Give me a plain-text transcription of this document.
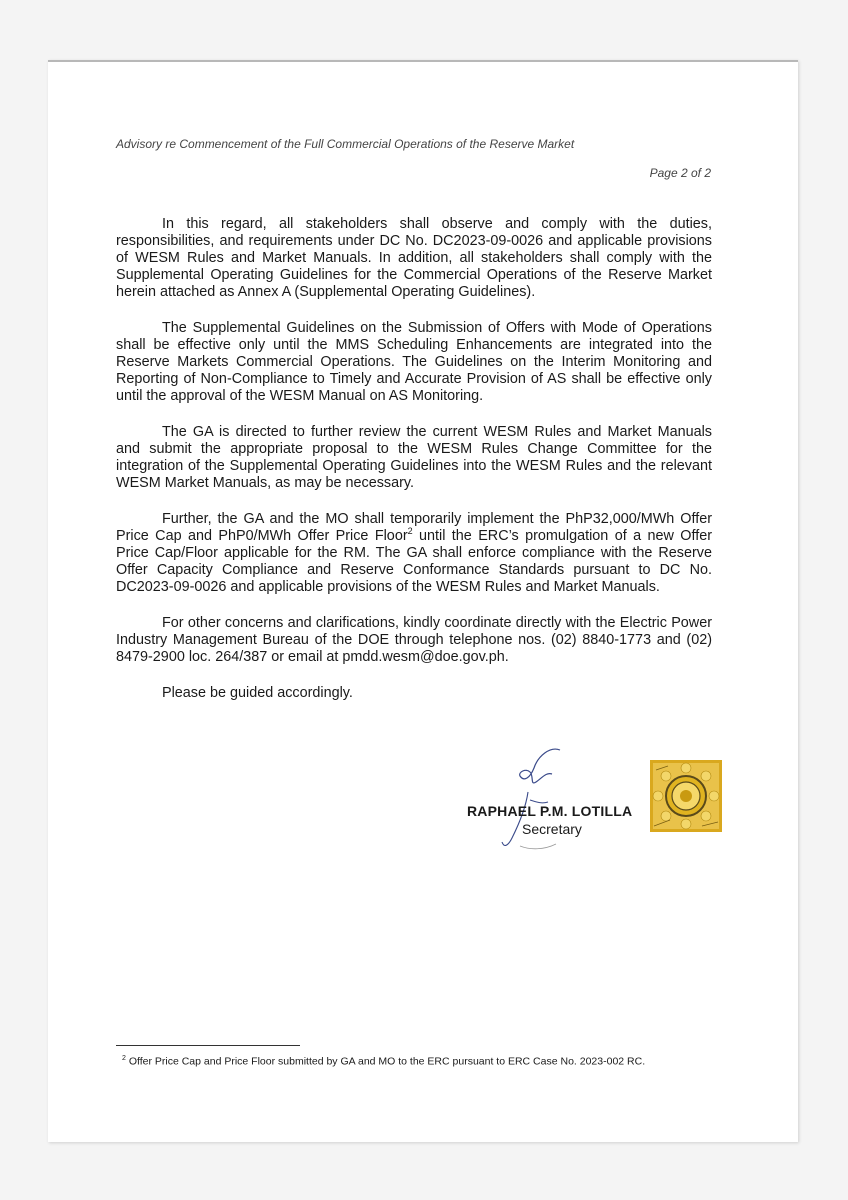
Advisory re Commencement of the Full Commercial Operations of the Reserve Market
Page 2 of 2

In this regard, all stakeholders shall observe and comply with the duties, responsibilities, and requirements under DC No. DC2023-09-0026 and applicable provisions of WESM Rules and Market Manuals. In addition, all stakeholders shall comply with the Supplemental Operating Guidelines for the Commercial Operations of the Reserve Market herein attached as Annex A (Supplemental Operating Guidelines).

The Supplemental Guidelines on the Submission of Offers with Mode of Operations shall be effective only until the MMS Scheduling Enhancements are integrated into the Reserve Markets Commercial Operations. The Guidelines on the Interim Monitoring and Reporting of Non-Compliance to Timely and Accurate Provision of AS shall be effective only until the approval of the WESM Manual on AS Monitoring.

The GA is directed to further review the current WESM Rules and Market Manuals and submit the appropriate proposal to the WESM Rules Change Committee for the integration of the Supplemental Operating Guidelines into the WESM Rules and the relevant WESM Market Manuals, as may be necessary.

Further, the GA and the MO shall temporarily implement the PhP32,000/MWh Offer Price Cap and PhP0/MWh Offer Price Floor$^2$ until the ERC’s promulgation of a new Offer Price Cap/Floor applicable for the RM. The GA shall enforce compliance with the Reserve Offer Capacity Compliance and Reserve Conformance Standards pursuant to DC No. DC2023-09-0026 and applicable provisions of the WESM Rules and Market Manuals.

For other concerns and clarifications, kindly coordinate directly with the Electric Power Industry Management Bureau of the DOE through telephone nos. (02) 8840-1773 and (02) 8479-2900 loc. 264/387 or email at pmdd.wesm@doe.gov.ph.

Please be guided accordingly.

RAPHAEL P.M. LOTILLA
Secretary
$^2$ Offer Price Cap and Price Floor submitted by GA and MO to the ERC pursuant to ERC Case No. 2023-002 RC.
